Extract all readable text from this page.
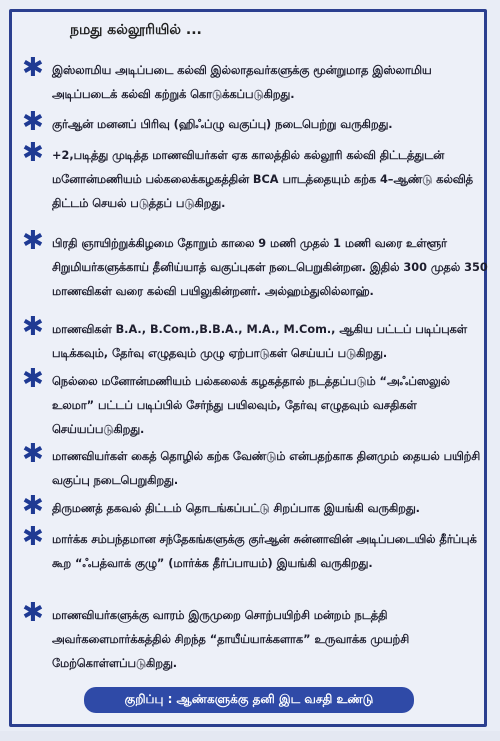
நமது கல்லூரியில் ...
✱ இஸ்லாமிய அடிப்படை கல்வி இல்லாதவர்களுக்கு மூன்றுமாத இஸ்லாமிய அடிப்படைக் கல்வி கற்றுக் கொடுக்கப்படுகிறது.
✱ குர்ஆன் மனனப் பிரிவு (ஹிஃப்ழு வகுப்பு) நடைபெற்று வருகிறது.
✱ +2,படித்து முடித்த மாணவியர்கள் ஏக காலத்தில் கல்லூரி கல்வி திட்டத்துடன் மனோன்மணியம் பல்கலைக்கழகத்தின் BCA பாடத்தையும் கற்க 4–ஆண்டு கல்வித் திட்டம் செயல் படுத்தப் படுகிறது.
✱ பிரதி ஞாயிற்றுக்கிழமை தோறும் காலை 9 மணி முதல் 1 மணி வரை உள்ளூர் சிறுமியர்களுக்காய் தீனிய்யாத் வகுப்புகள் நடைபெறுகின்றன. இதில் 300 முதல் 350 மாணவிகள் வரை கல்வி பயிலுகின்றனர். அல்ஹம்துலில்லாஹ்.
✱ மாணவிகள் B.A., B.Com.,B.B.A., M.A., M.Com., ஆகிய பட்டப் படிப்புகள் படிக்கவும், தேர்வு எழுதவும் முழு ஏற்பாடுகள் செய்யப் படுகிறது.
✱ நெல்லை மனோன்மணியம் பல்கலைக் கழகத்தால் நடத்தப்படும் “அஃப்ஸலுல் உலமா” பட்டப் படிப்பில் சேர்ந்து பயிலவும், தேர்வு எழுதவும் வசதிகள் செய்யப்படுகிறது.
✱ மாணவியர்கள் கைத் தொழில் கற்க வேண்டும் என்பதற்காக தினமும் தையல் பயிற்சி வகுப்பு நடைபெறுகிறது.
✱ திருமணத் தகவல் திட்டம் தொடங்கப்பட்டு சிறப்பாக இயங்கி வருகிறது.
✱ மார்க்க சம்பந்தமான சந்தேகங்களுக்கு குர்ஆன் சுன்னாவின் அடிப்படையில் தீர்ப்புக் கூற “ஃபத்வாக் குழு” (மார்க்க தீர்ப்பாயம்) இயங்கி வருகிறது.
✱ மாணவியர்களுக்கு வாரம் இருமுறை சொற்பயிற்சி மன்றம் நடத்தி அவர்களைமார்க்கத்தில் சிறந்த “தாயீய்யாக்களாக” உருவாக்க முயற்சி மேற்கொள்ளப்படுகிறது.
குறிப்பு : ஆண்களுக்கு தனி இட வசதி உண்டு
